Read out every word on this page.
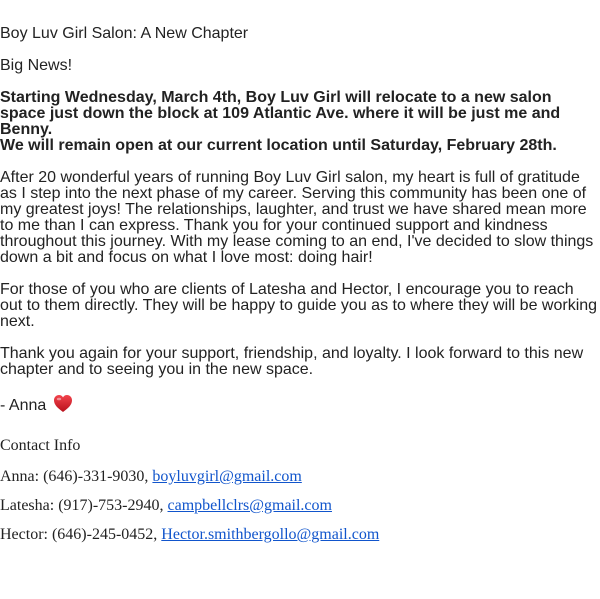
Boy Luv Girl Salon: A New Chapter
Big News!
Starting Wednesday, March 4th, Boy Luv Girl will relocate to a new salon
space just down the block at 109 Atlantic Ave. where it will be just me and
Benny.
We will remain open at our current location until Saturday, February 28th.
After 20 wonderful years of running Boy Luv Girl salon, my heart is full of gratitude
as I step into the next phase of my career. Serving this community has been one of
my greatest joys! The relationships, laughter, and trust we have shared mean more
to me than I can express. Thank you for your continued support and kindness
throughout this journey. With my lease coming to an end, I've decided to slow things
down a bit and focus on what I love most: doing hair!
For those of you who are clients of Latesha and Hector, I encourage you to reach
out to them directly. They will be happy to guide you as to where they will be working
next.
Thank you again for your support, friendship, and loyalty. I look forward to this new
chapter and to seeing you in the new space.
- Anna
Contact Info
Anna: (646)-331-9030, boyluvgirl@gmail.com
Latesha: (917)-753-2940, campbellclrs@gmail.com
Hector: (646)-245-0452, Hector.smithbergollo@gmail.com
